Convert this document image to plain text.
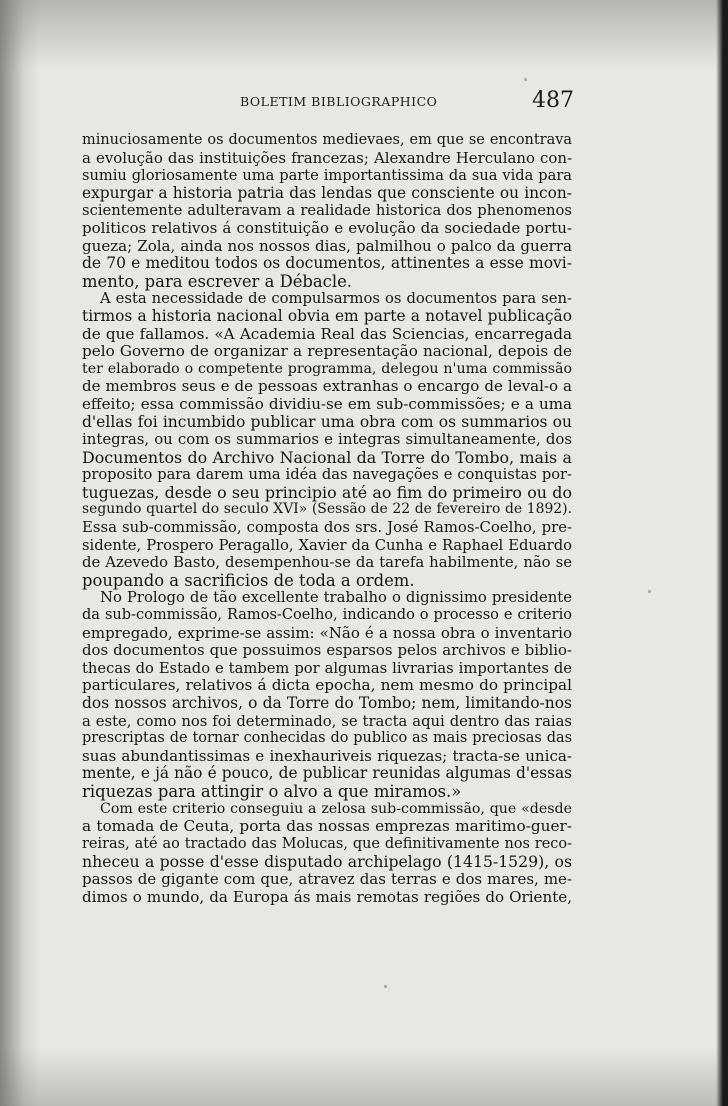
BOLETIM BIBLIOGRAPHICO	487
minuciosamente os documentos medievaes, em que se encontrava
a evolução das instituições francezas; Alexandre Herculano con-
sumiu gloriosamente uma parte importantissima da sua vida para
expurgar a historia patria das lendas que consciente ou incon-
scientemente adulteravam a realidade historica dos phenomenos
politicos relativos á constituição e evolução da sociedade portu-
gueza; Zola, ainda nos nossos dias, palmilhou o palco da guerra
de 70 e meditou todos os documentos, attinentes a esse movi-
mento, para escrever a Débacle.
A esta necessidade de compulsarmos os documentos para sen-
tirmos a historia nacional obvia em parte a notavel publicação
de que fallamos. «A Academia Real das Sciencias, encarregada
pelo Governo de organizar a representação nacional, depois de
ter elaborado o competente programma, delegou n'uma commissão
de membros seus e de pessoas extranhas o encargo de leval-o a
effeito; essa commissão dividiu-se em sub-commissões; e a uma
d'ellas foi incumbido publicar uma obra com os summarios ou
integras, ou com os summarios e integras simultaneamente, dos
Documentos do Archivo Nacional da Torre do Tombo, mais a
proposito para darem uma idéa das navegações e conquistas por-
tuguezas, desde o seu principio até ao fim do primeiro ou do
segundo quartel do seculo XVI» (Sessão de 22 de fevereiro de 1892).
Essa sub-commissão, composta dos srs. José Ramos-Coelho, pre-
sidente, Prospero Peragallo, Xavier da Cunha e Raphael Eduardo
de Azevedo Basto, desempenhou-se da tarefa habilmente, não se
poupando a sacrificios de toda a ordem.
No Prologo de tão excellente trabalho o dignissimo presidente
da sub-commissão, Ramos-Coelho, indicando o processo e criterio
empregado, exprime-se assim: «Não é a nossa obra o inventario
dos documentos que possuimos esparsos pelos archivos e biblio-
thecas do Estado e tambem por algumas livrarias importantes de
particulares, relativos á dicta epocha, nem mesmo do principal
dos nossos archivos, o da Torre do Tombo; nem, limitando-nos
a este, como nos foi determinado, se tracta aqui dentro das raias
prescriptas de tornar conhecidas do publico as mais preciosas das
suas abundantissimas e inexhauriveis riquezas; tracta-se unica-
mente, e já não é pouco, de publicar reunidas algumas d'essas
riquezas para attingir o alvo a que miramos.»
Com este criterio conseguiu a zelosa sub-commissão, que «desde
a tomada de Ceuta, porta das nossas emprezas maritimo-guer-
reiras, até ao tractado das Molucas, que definitivamente nos reco-
nheceu a posse d'esse disputado archipelago (1415-1529), os
passos de gigante com que, atravez das terras e dos mares, me-
dimos o mundo, da Europa ás mais remotas regiões do Oriente,
